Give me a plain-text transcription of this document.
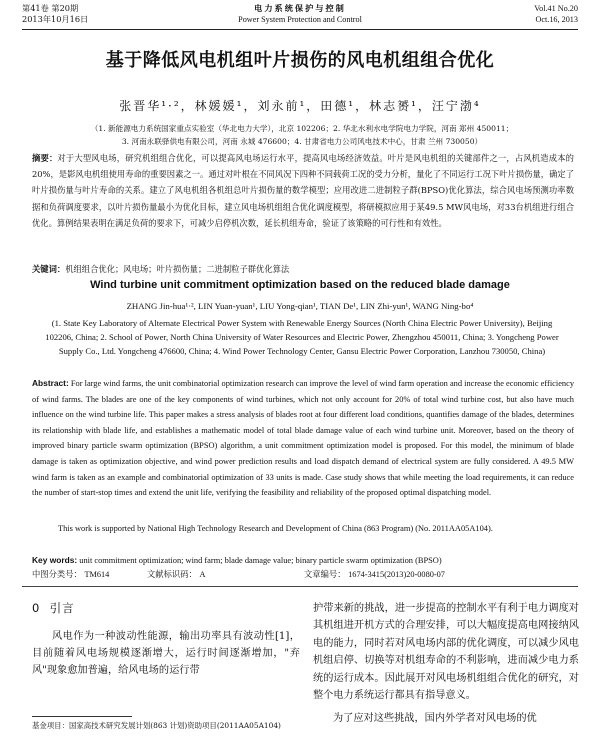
第41卷 第20期
2013年10月16日
电力系统保护与控制
Power System Protection and Control
Vol.41 No.20
Oct.16, 2013
基于降低风电机组叶片损伤的风电机组组合优化
张晋华¹·²，林媛媛¹，刘永前¹，田德¹，林志赟¹，汪宁渤⁴
（1. 新能源电力系统国家重点实验室（华北电力大学），北京 102206；2. 华北水利水电学院电力学院，河南 郑州 450011；
3. 河南永联驿供电有限公司，河南 永城 476600；4. 甘肃省电力公司风电技术中心，甘肃 兰州 730050）
摘要：对于大型风电场，研究机组组合优化，可以提高风电场运行水平，提高风电场经济效益。叶片是风电机组的关键部件之一，占风机造成本的20%，是影风电机组使用寿命的重要因素之一。通过对叶根在不同风况下四种不同载荷工况的受力分析，量化了不同运行工况下叶片损伤量，确定了叶片损伤量与叶片寿命的关系。建立了风电机组各机组总叶片损伤量的数学模型；应用改进二进制粒子群(BPSO)优化算法，综合风电场预测功率数据和负荷调度要求，以叶片损伤量最小为优化目标，建立风电场机组组合优化调度模型，将研模拟应用于某49.5 MW风电场，对33台机组进行组合优化。算例结果表明在满足负荷的要求下，可减少启停机次数，延长机组寿命，验证了该策略的可行性和有效性。
关键词：机组组合优化；风电场；叶片损伤量；二进制粒子群优化算法
Wind turbine unit commitment optimization based on the reduced blade damage
ZHANG Jin-hua¹·², LIN Yuan-yuan¹, LIU Yong-qian¹, TIAN De¹, LIN Zhi-yun¹, WANG Ning-bo⁴
(1. State Key Laboratory of Alternate Electrical Power System with Renewable Energy Sources (North China Electric Power University), Beijing 102206, China; 2. School of Power, North China University of Water Resources and Electric Power, Zhengzhou 450011, China; 3. Yongcheng Power Supply Co., Ltd. Yongcheng 476600, China; 4. Wind Power Technology Center, Gansu Electric Power Corporation, Lanzhou 730050, China)
Abstract: For large wind farms, the unit combinatorial optimization research can improve the level of wind farm operation and increase the economic efficiency of wind farms. The blades are one of the key components of wind turbines, which not only account for 20% of total wind turbine cost, but also have much influence on the wind turbine life. This paper makes a stress analysis of blades root at four different load conditions, quantifies damage of the blades, determines its relationship with blade life, and establishes a mathematic model of total blade damage value of each wind turbine unit. Moreover, based on the theory of improved binary particle swarm optimization (BPSO) algorithm, a unit commitment optimization model is proposed. For this model, the minimum of blade damage is taken as optimization objective, and wind power prediction results and load dispatch demand of electrical system are fully considered. A 49.5 MW wind farm is taken as an example and combinatorial optimization of 33 units is made. Case study shows that while meeting the load requirements, it can reduce the number of start-stop times and extend the unit life, verifying the feasibility and reliability of the proposed optimal dispatching model.
This work is supported by National High Technology Research and Development of China (863 Program) (No. 2011AA05A104).
Key words: unit commitment optimization; wind farm; blade damage value; binary particle swarm optimization (BPSO)
中图分类号： TM614	文献标识码： A	文章编号： 1674-3415(2013)20-0080-07
0 引言

风电作为一种波动性能源，输出功率具有波动性[1]，目前随着风电场规模逐渐增大，运行时间逐渐增加，"弃风"现象愈加普遍，给风电场的运行带

护带来新的挑战，进一步提高的控制水平有利于电力调度对其机组进开机方式的合理安排，可以大幅度提高电网接纳风电的能力，同时若对风电场内部的优化调度，可以减少风电机组启停、切换等对机组寿命的不利影响，进而减少电力系统的运行成本。因此展开对风电场机组组合优化的研究，对整个电力系统运行都具有指导意义。

为了应对这些挑战，国内外学者对风电场的优

基金项目：国家高技术研究发展计划(863 计划)资助项目(2011AA05A104)
